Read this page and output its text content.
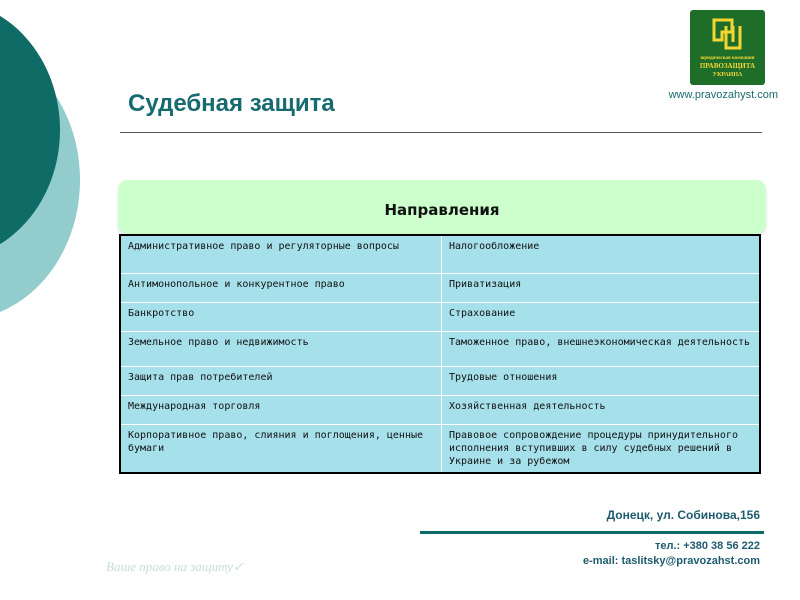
Судебная защита
юридическая компания
ПРАВОЗАЩИТА
УКРАИНА
www.pravozahyst.com
Направления
Административное право и регуляторные вопросы	Налогообложение
Антимонопольное и конкурентное право	Приватизация
Банкротство	Страхование
Земельное право и недвижимость	Таможенное право, внешнеэкономическая деятельность
Защита прав потребителей	Трудовые отношения
Международная торговля	Хозяйственная деятельность
Корпоративное право, слияния и поглощения, ценные бумаги	Правовое сопровождение процедуры принудительного исполнения вступивших в силу судебных решений в Украине и за рубежом
Донецк, ул. Собинова,156
тел.: +380 38 56 222
e-mail: taslitsky@pravozahst.com
Ваше право на защиту✓
